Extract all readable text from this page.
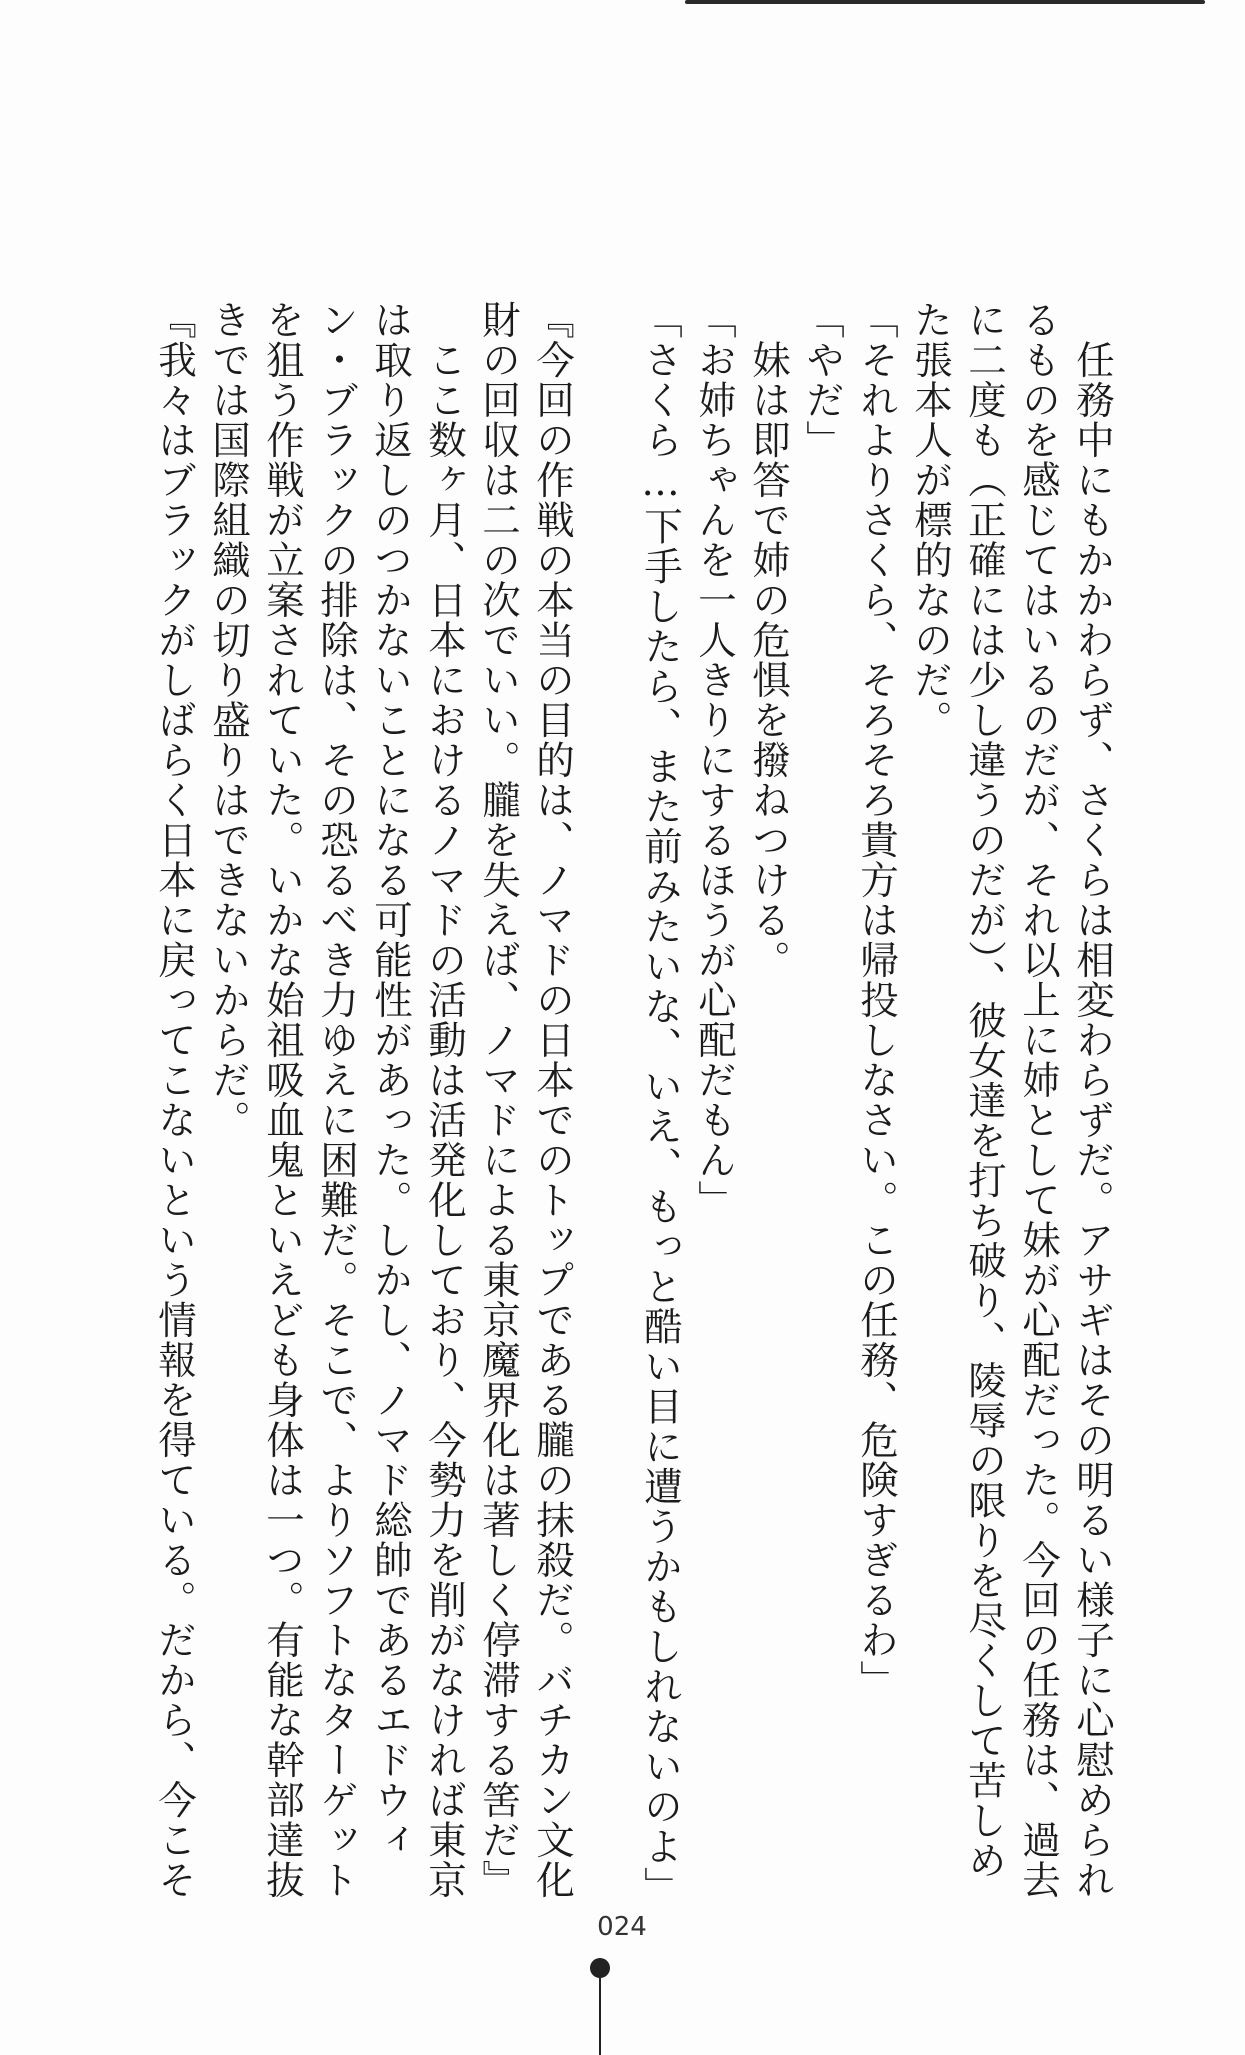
　任務中にもかかわらず、さくらは相変わらずだ。アサギはその明るい様子に心慰められ
るものを感じてはいるのだが、それ以上に姉として妹が心配だった。今回の任務は、過去
に二度も（正確には少し違うのだが）、彼女達を打ち破り、陵辱の限りを尽くして苦しめ
た張本人が標的なのだ。
「それよりさくら、そろそろ貴方は帰投しなさい。この任務、危険すぎるわ」
「やだ」
　妹は即答で姉の危惧を撥ねつける。
「お姉ちゃんを一人きりにするほうが心配だもん」
「さくら…下手したら、また前みたいな、いえ、もっと酷い目に遭うかもしれないのよ」
『今回の作戦の本当の目的は、ノマドの日本でのトップである朧の抹殺だ。バチカン文化
財の回収は二の次でいい。朧を失えば、ノマドによる東京魔界化は著しく停滞する筈だ』
　ここ数ヶ月、日本におけるノマドの活動は活発化しており、今勢力を削がなければ東京
は取り返しのつかないことになる可能性があった。しかし、ノマド総帥であるエドウィ
ン・ブラックの排除は、その恐るべき力ゆえに困難だ。そこで、よりソフトなターゲット
を狙う作戦が立案されていた。いかな始祖吸血鬼といえども身体は一つ。有能な幹部達抜
きでは国際組織の切り盛りはできないからだ。
『我々はブラックがしばらく日本に戻ってこないという情報を得ている。だから、今こそ
024
